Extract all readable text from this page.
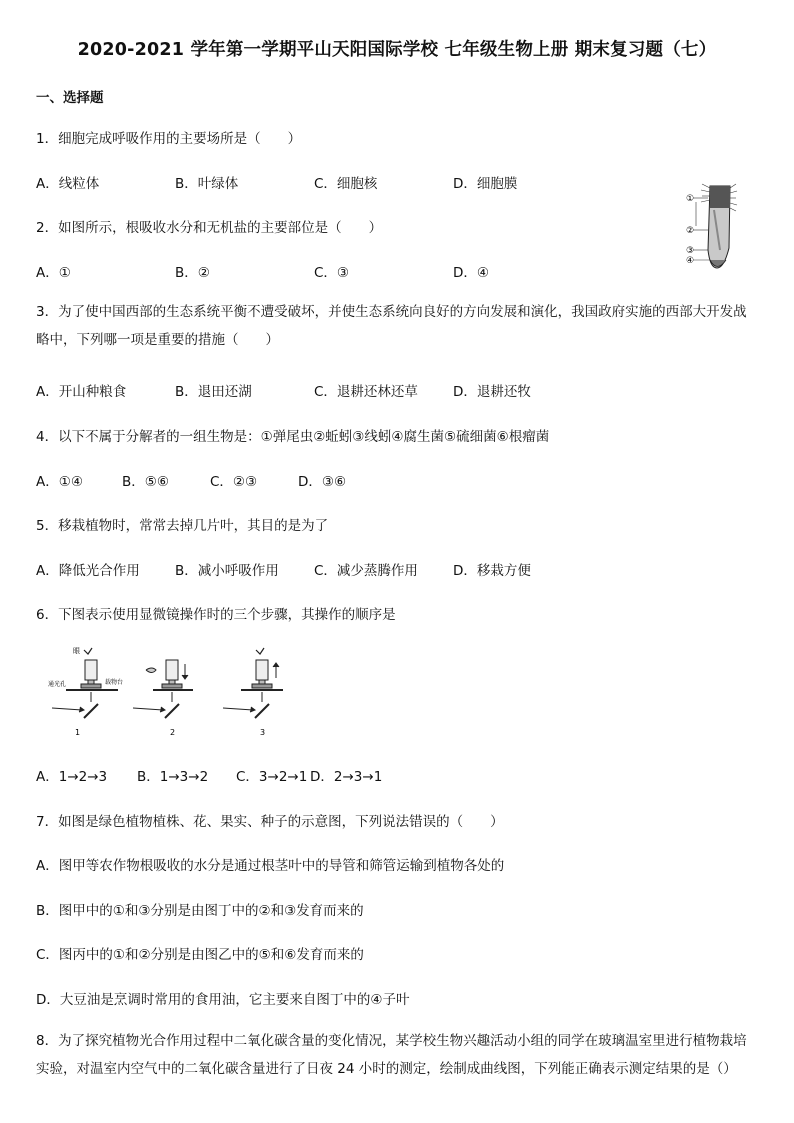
2020-2021 学年第一学期平山天阳国际学校 七年级生物上册 期末复习题（七）
一、选择题
1．细胞完成呼吸作用的主要场所是（　　）
A．线粒体	B．叶绿体	C．细胞核	D．细胞膜
2．如图所示，根吸收水分和无机盐的主要部位是（　　）
A．①	B．②	C．③	D．④
①
②
③
④
3．为了使中国西部的生态系统平衡不遭受破坏，并使生态系统向良好的方向发展和演化，我国政府实施的西部大开发战略中，下列哪一项是重要的措施（　　）
A．开山种粮食	B．退田还湖	C．退耕还林还草	D．退耕还牧
4．以下不属于分解者的一组生物是：①弹尾虫②蚯蚓③线蚓④腐生菌⑤硫细菌⑥根瘤菌
A．①④	B．⑤⑥	C．②③	D．③⑥
5．移栽植物时，常常去掉几片叶，其目的是为了
A．降低光合作用	B．减小呼吸作用	C．减少蒸腾作用	D．移栽方便
6．下图表示使用显微镜操作时的三个步骤，其操作的顺序是
眼
通光孔	载物台
1	2	3
A．1→2→3 B．1→3→2 C．3→2→1 D．2→3→1
7．如图是绿色植物植株、花、果实、种子的示意图，下列说法错误的（　　）
A．图甲等农作物根吸收的水分是通过根茎叶中的导管和筛管运输到植物各处的
B．图甲中的①和③分别是由图丁中的②和③发育而来的
C．图丙中的①和②分别是由图乙中的⑤和⑥发育而来的
D．大豆油是烹调时常用的食用油，它主要来自图丁中的④子叶
8．为了探究植物光合作用过程中二氧化碳含量的变化情况，某学校生物兴趣活动小组的同学在玻璃温室里进行植物栽培实验，对温室内空气中的二氧化碳含量进行了日夜 24 小时的测定，绘制成曲线图，下列能正确表示测定结果的是（）
